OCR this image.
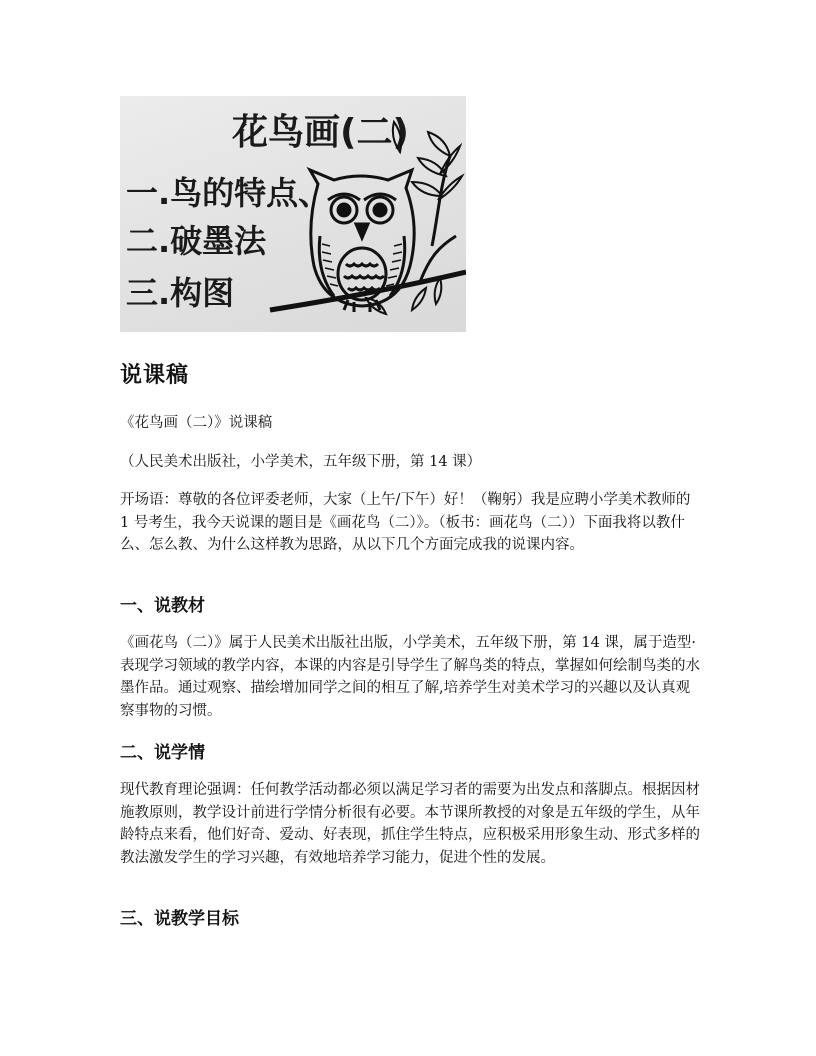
花鸟画(二)
一.鸟的特点、
二.破墨法
三.构图
说课稿

《花鸟画（二）》说课稿

（人民美术出版社，小学美术，五年级下册，第 14 课）

开场语：尊敬的各位评委老师，大家（上午/下午）好！（鞠躬）我是应聘小学美术教师的 1 号考生，我今天说课的题目是《画花鸟（二）》。（板书：画花鸟（二））下面我将以教什么、怎么教、为什么这样教为思路，从以下几个方面完成我的说课内容。

一、说教材

《画花鸟（二）》属于人民美术出版社出版，小学美术，五年级下册，第 14 课，属于造型·表现学习领域的教学内容，本课的内容是引导学生了解鸟类的特点，掌握如何绘制鸟类的水墨作品。通过观察、描绘增加同学之间的相互了解,培养学生对美术学习的兴趣以及认真观察事物的习惯。

二、说学情

现代教育理论强调：任何教学活动都必须以满足学习者的需要为出发点和落脚点。根据因材施教原则，教学设计前进行学情分析很有必要。本节课所教授的对象是五年级的学生，从年龄特点来看，他们好奇、爱动、好表现，抓住学生特点，应积极采用形象生动、形式多样的教法激发学生的学习兴趣，有效地培养学习能力，促进个性的发展。

三、说教学目标
